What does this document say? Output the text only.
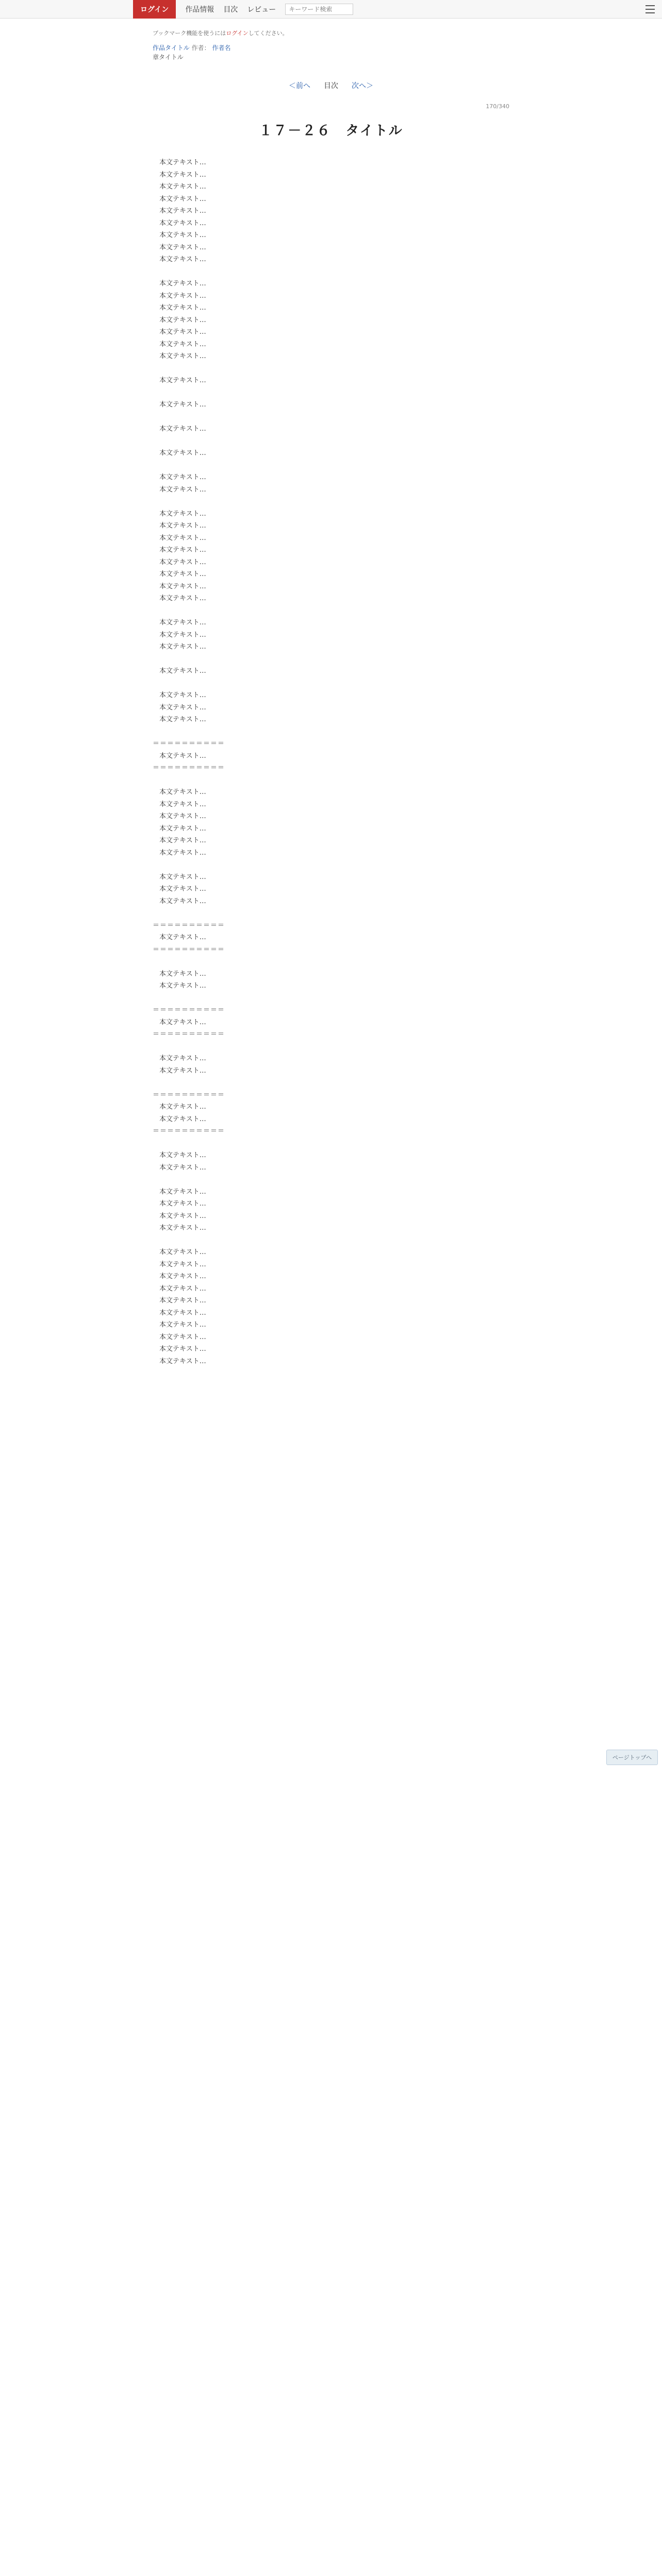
ログイン	作品情報 目次 レビュー
キーワード検索
ブックマーク機能を使うにはログインしてください。
作品タイトル 作者： 作者名
章タイトル
＜前へ 目次 次へ＞
170/340
１７－２６　タイトル

本文テキスト…

本文テキスト…

本文テキスト…

本文テキスト…

本文テキスト…

本文テキスト…

本文テキスト…

本文テキスト…

本文テキスト…

本文テキスト…

本文テキスト…

本文テキスト…

本文テキスト…

本文テキスト…

本文テキスト…

本文テキスト…

本文テキスト…

本文テキスト…

本文テキスト…

本文テキスト…

本文テキスト…

本文テキスト…

本文テキスト…

本文テキスト…

本文テキスト…

本文テキスト…

本文テキスト…

本文テキスト…

本文テキスト…

本文テキスト…

本文テキスト…

本文テキスト…

本文テキスト…

本文テキスト…

本文テキスト…

本文テキスト…

本文テキスト…

＝＝＝＝＝＝＝＝＝＝

本文テキスト…

＝＝＝＝＝＝＝＝＝＝

本文テキスト…

本文テキスト…

本文テキスト…

本文テキスト…

本文テキスト…

本文テキスト…

本文テキスト…

本文テキスト…

本文テキスト…

＝＝＝＝＝＝＝＝＝＝

本文テキスト…

＝＝＝＝＝＝＝＝＝＝

本文テキスト…

本文テキスト…

＝＝＝＝＝＝＝＝＝＝

本文テキスト…

＝＝＝＝＝＝＝＝＝＝

本文テキスト…

本文テキスト…

＝＝＝＝＝＝＝＝＝＝

本文テキスト…

本文テキスト…

＝＝＝＝＝＝＝＝＝＝

本文テキスト…

本文テキスト…

本文テキスト…

本文テキスト…

本文テキスト…

本文テキスト…

本文テキスト…

本文テキスト…

本文テキスト…

本文テキスト…

本文テキスト…

本文テキスト…

本文テキスト…

本文テキスト…

本文テキスト…

本文テキスト…

ページトップへ
